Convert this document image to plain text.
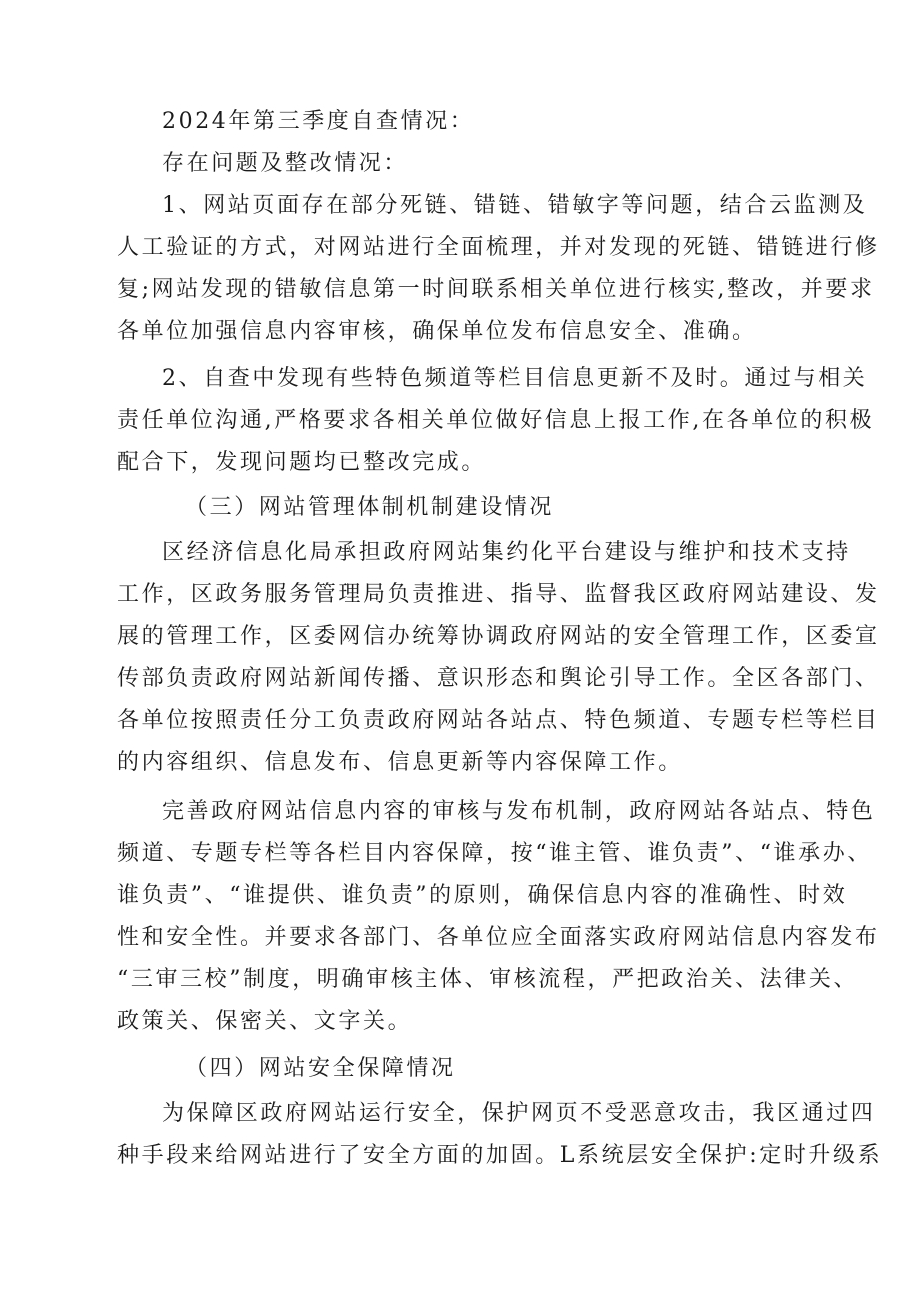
2024年第三季度自查情况：
存在问题及整改情况：
1、网站页面存在部分死链、错链、错敏字等问题，结合云监测及
人工验证的方式，对网站进行全面梳理，并对发现的死链、错链进行修
复;网站发现的错敏信息第一时间联系相关单位进行核实,整改，并要求
各单位加强信息内容审核，确保单位发布信息安全、准确。
2、自查中发现有些特色频道等栏目信息更新不及时。通过与相关
责任单位沟通,严格要求各相关单位做好信息上报工作,在各单位的积极
配合下，发现问题均已整改完成。
（三）网站管理体制机制建设情况
区经济信息化局承担政府网站集约化平台建设与维护和技术支持
工作，区政务服务管理局负责推进、指导、监督我区政府网站建设、发
展的管理工作，区委网信办统筹协调政府网站的安全管理工作，区委宣
传部负责政府网站新闻传播、意识形态和舆论引导工作。全区各部门、
各单位按照责任分工负责政府网站各站点、特色频道、专题专栏等栏目
的内容组织、信息发布、信息更新等内容保障工作。
完善政府网站信息内容的审核与发布机制，政府网站各站点、特色
频道、专题专栏等各栏目内容保障，按“谁主管、谁负责”、“谁承办、
谁负责”、“谁提供、谁负责”的原则，确保信息内容的准确性、时效
性和安全性。并要求各部门、各单位应全面落实政府网站信息内容发布
“三审三校”制度，明确审核主体、审核流程，严把政治关、法律关、
政策关、保密关、文字关。
（四）网站安全保障情况
为保障区政府网站运行安全，保护网页不受恶意攻击，我区通过四
种手段来给网站进行了安全方面的加固。L系统层安全保护:定时升级系
